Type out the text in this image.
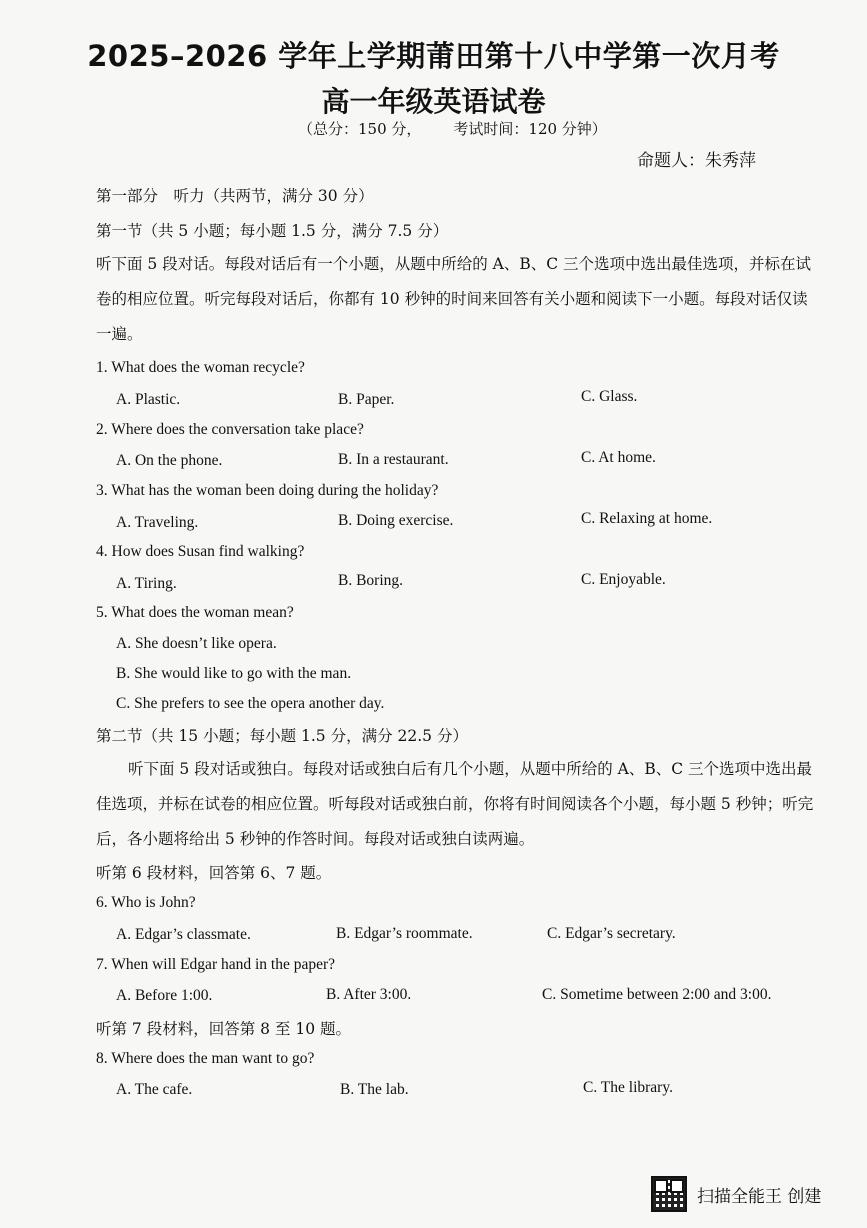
2025–2026 学年上学期莆田第十八中学第一次月考
高一年级英语试卷
（总分：150 分， 考试时间：120 分钟）
命题人：朱秀萍
第一部分　听力（共两节，满分 30 分）
第一节（共 5 小题；每小题 1.5 分，满分 7.5 分）
听下面 5 段对话。每段对话后有一个小题，从题中所给的 A、B、C 三个选项中选出最佳选项，并标在试卷的相应位置。听完每段对话后，你都有 10 秒钟的时间来回答有关小题和阅读下一小题。每段对话仅读一遍。
1. What does the woman recycle?
A. Plastic.	B. Paper.	C. Glass.
2. Where does the conversation take place?
A. On the phone.	B. In a restaurant.	C. At home.
3. What has the woman been doing during the holiday?
A. Traveling.	B. Doing exercise.	C. Relaxing at home.
4. How does Susan find walking?
A. Tiring.	B. Boring.	C. Enjoyable.
5. What does the woman mean?
A. She doesn’t like opera.
B. She would like to go with the man.
C. She prefers to see the opera another day.
第二节（共 15 小题；每小题 1.5 分，满分 22.5 分）
听下面 5 段对话或独白。每段对话或独白后有几个小题，从题中所给的 A、B、C 三个选项中选出最佳选项，并标在试卷的相应位置。听每段对话或独白前，你将有时间阅读各个小题，每小题 5 秒钟；听完后，各小题将给出 5 秒钟的作答时间。每段对话或独白读两遍。
听第 6 段材料，回答第 6、7 题。
6. Who is John?
A. Edgar’s classmate.	B. Edgar’s roommate.	C. Edgar’s secretary.
7. When will Edgar hand in the paper?
A. Before 1:00.	B. After 3:00.	C. Sometime between 2:00 and 3:00.
听第 7 段材料，回答第 8 至 10 题。
8. Where does the man want to go?
A. The cafe.	B. The lab.	C. The library.
扫描全能王 创建
